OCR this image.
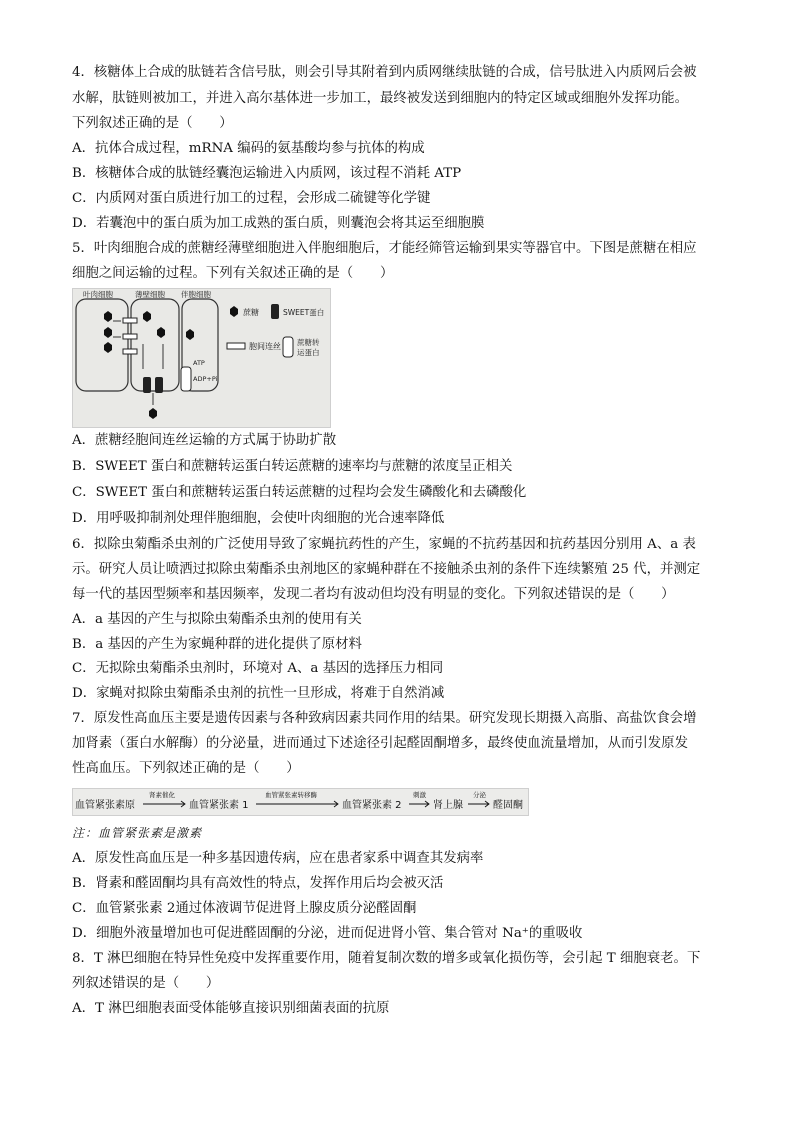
4．核糖体上合成的肽链若含信号肽，则会引导其附着到内质网继续肽链的合成，信号肽进入内质网后会被
水解，肽链则被加工，并进入高尔基体进一步加工，最终被发送到细胞内的特定区域或细胞外发挥功能。
下列叙述正确的是（　　）
A．抗体合成过程，mRNA 编码的氨基酸均参与抗体的构成
B．核糖体合成的肽链经囊泡运输进入内质网，该过程不消耗 ATP
C．内质网对蛋白质进行加工的过程，会形成二硫键等化学键
D．若囊泡中的蛋白质为加工成熟的蛋白质，则囊泡会将其运至细胞膜
5．叶肉细胞合成的蔗糖经薄壁细胞进入伴胞细胞后，才能经筛管运输到果实等器官中。下图是蔗糖在相应
细胞之间运输的过程。下列有关叙述正确的是（　　）
叶肉细胞	薄壁细胞 伴胞细胞
ATP
ADP+Pi
蔗糖	SWEET蛋白
胞间连丝 蔗糖转
运蛋白
A．蔗糖经胞间连丝运输的方式属于协助扩散
B．SWEET 蛋白和蔗糖转运蛋白转运蔗糖的速率均与蔗糖的浓度呈正相关
C．SWEET 蛋白和蔗糖转运蛋白转运蔗糖的过程均会发生磷酸化和去磷酸化
D．用呼吸抑制剂处理伴胞细胞，会使叶肉细胞的光合速率降低
6．拟除虫菊酯杀虫剂的广泛使用导致了家蝇抗药性的产生，家蝇的不抗药基因和抗药基因分别用 A、a 表
示。研究人员让喷洒过拟除虫菊酯杀虫剂地区的家蝇种群在不接触杀虫剂的条件下连续繁殖 25 代，并测定
每一代的基因型频率和基因频率，发现二者均有波动但均没有明显的变化。下列叙述错误的是（　　）
A．a 基因的产生与拟除虫菊酯杀虫剂的使用有关
B．a 基因的产生为家蝇种群的进化提供了原材料
C．无拟除虫菊酯杀虫剂时，环境对 A、a 基因的选择压力相同
D．家蝇对拟除虫菊酯杀虫剂的抗性一旦形成，将难于自然消减
7．原发性高血压主要是遗传因素与各种致病因素共同作用的结果。研究发现长期摄入高脂、高盐饮食会增
加肾素（蛋白水解酶）的分泌量，进而通过下述途径引起醛固酮增多，最终使血流量增加，从而引发原发
性高血压。下列叙述正确的是（　　）
血管紧张素原	血管紧张素 1	血管紧张素 2	肾上腺	醛固酮
肾素催化	血管紧张素转移酶	刺激	分泌
注：血管紧张素是激素
A．原发性高血压是一种多基因遗传病，应在患者家系中调查其发病率
B．肾素和醛固酮均具有高效性的特点，发挥作用后均会被灭活
C．血管紧张素 2通过体液调节促进肾上腺皮质分泌醛固酮
D．细胞外液量增加也可促进醛固酮的分泌，进而促进肾小管、集合管对 Na⁺的重吸收
8．T 淋巴细胞在特异性免疫中发挥重要作用，随着复制次数的增多或氧化损伤等，会引起 T 细胞衰老。下
列叙述错误的是（　　）
A．T 淋巴细胞表面受体能够直接识别细菌表面的抗原
